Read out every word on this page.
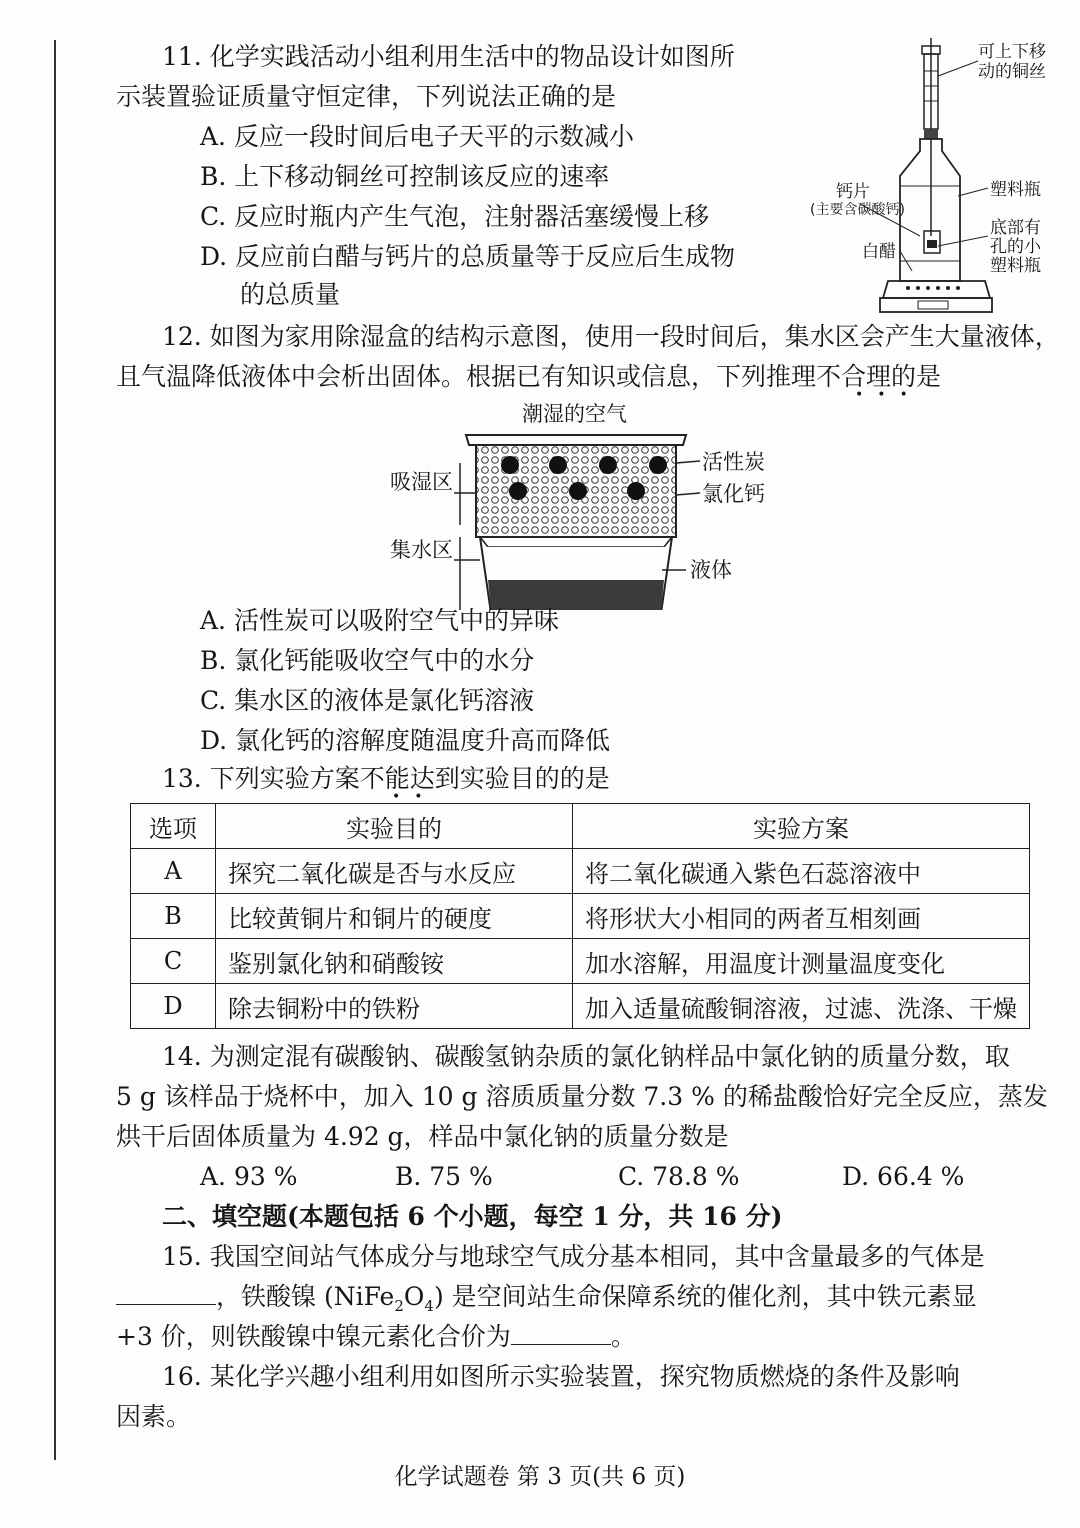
11. 化学实践活动小组利用生活中的物品设计如图所
示装置验证质量守恒定律，下列说法正确的是
A. 反应一段时间后电子天平的示数减小
B. 上下移动铜丝可控制该反应的速率
C. 反应时瓶内产生气泡，注射器活塞缓慢上移
D. 反应前白醋与钙片的总质量等于反应后生成物
的总质量
可上下移
动的铜丝
塑料瓶
钙片
(主要含碳酸钙)
底部有
孔的小
塑料瓶
白醋
12. 如图为家用除湿盒的结构示意图，使用一段时间后，集水区会产生大量液体，
且气温降低液体中会析出固体。根据已有知识或信息，下列推理不合理的是
•••
潮湿的空气
吸湿区
集水区
活性炭
氯化钙
液体
A. 活性炭可以吸附空气中的异味
B. 氯化钙能吸收空气中的水分
C. 集水区的液体是氯化钙溶液
D. 氯化钙的溶解度随温度升高而降低
13. 下列实验方案不能达到实验目的的是
••
选项	实验目的	实验方案
A	探究二氧化碳是否与水反应	将二氧化碳通入紫色石蕊溶液中
B	比较黄铜片和铜片的硬度	将形状大小相同的两者互相刻画
C	鉴别氯化钠和硝酸铵	加水溶解，用温度计测量温度变化
D	除去铜粉中的铁粉	加入适量硫酸铜溶液，过滤、洗涤、干燥
14. 为测定混有碳酸钠、碳酸氢钠杂质的氯化钠样品中氯化钠的质量分数，取
5 g 该样品于烧杯中，加入 10 g 溶质质量分数 7.3 % 的稀盐酸恰好完全反应，蒸发
烘干后固体质量为 4.92 g，样品中氯化钠的质量分数是
A. 93 %	B. 75 %	C. 78.8 %	D. 66.4 %
二、填空题(本题包括 6 个小题，每空 1 分，共 16 分)
15. 我国空间站气体成分与地球空气成分基本相同，其中含量最多的气体是
，铁酸镍 $(NiFe_2O_4)$ 是空间站生命保障系统的催化剂，其中铁元素显
+3 价，则铁酸镍中镍元素化合价为	。
16. 某化学兴趣小组利用如图所示实验装置，探究物质燃烧的条件及影响
因素。
化学试题卷 第 3 页(共 6 页)
